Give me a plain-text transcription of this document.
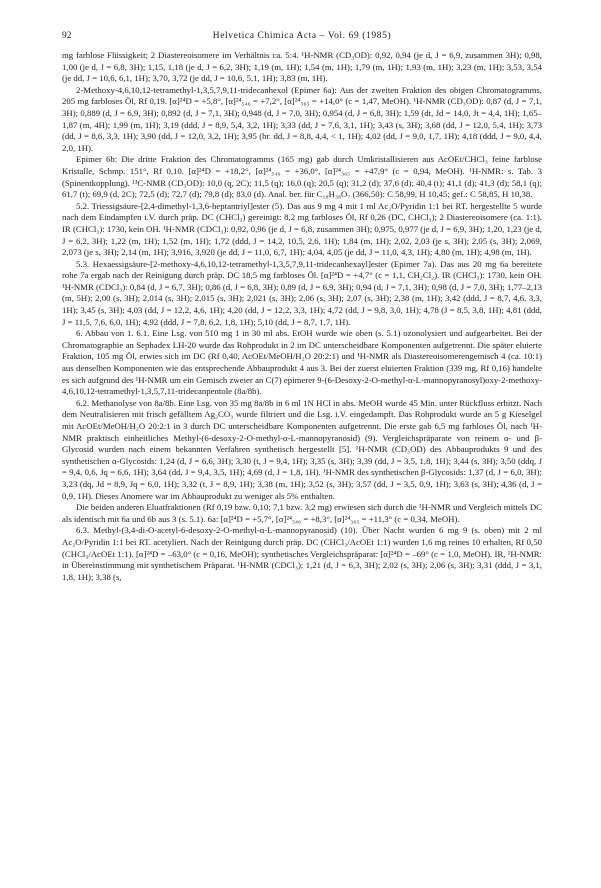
92	Helvetica Chimica Acta – Vol. 69 (1985)

mg farblose Flüssigkeit; 2 Diastereoisomere im Verhältnis ca. 5:4. ¹H-NMR (CD₃OD): 0,92, 0,94 (je d, J = 6,9, zusammen 3H); 0,98, 1,00 (je d, J = 6,8, 3H); 1,15, 1,18 (je d, J = 6,2, 3H); 1,19 (m, 1H); 1,54 (m, 1H); 1,79 (m, 1H); 1,93 (m, 1H); 3,23 (m, 1H); 3,53, 3,54 (je dd, J = 10,6, 6,1, 1H); 3,70, 3,72 (je dd, J = 10,6, 5,1, 1H); 3,83 (m, 1H).

2-Methoxy-4,6,10,12-tetramethyl-1,3,5,7,9,11-tridecanhexol (Epimer 6a): Aus der zweiten Fraktion des obigen Chromatogramms, 205 mg farbloses Öl, Rf 0,19. [α]²⁴D = +5,8°, [α]²⁴₅₄₆ = +7,2°, [α]²⁴₃₆₅ = +14,0° (c = 1,47, MeOH). ¹H-NMR (CD₃OD): 0,87 (d, J = 7,1, 3H); 0,889 (d, J = 6,9, 3H); 0,892 (d, J = 7,1, 3H); 0,948 (d, J = 7,0, 3H); 0,954 (d, J = 6,8, 3H); 1,59 (dt, Jd = 14,0, Jt = 4,4, 1H); 1,65–1,87 (m, 4H); 1,99 (m, 1H); 3,19 (ddd, J = 8,9, 5,4, 3,2, 1H); 3,33 (dd, J = 7,6, 3,1, 1H); 3,43 (s, 3H); 3,68 (dd, J = 12,0, 5,4, 1H); 3,73 (dd, J = 8,6, 3,3, 1H); 3,90 (dd, J = 12,0, 3,2, 1H); 3,95 (br. dd, J = 8,8, 4,4, < 1, 1H); 4,02 (dd, J = 9,0, 1,7, 1H); 4,18 (ddd, J = 9,0, 4,4, 2,0, 1H).

Epimer 6b: Die dritte Fraktion des Chromatogramms (165 mg) gab durch Umkristallisieren aus AcOEt/CHCl₃ feine farblose Kristalle, Schmp. 151°, Rf 0,10. [α]²⁴D = +18,2°, [α]²⁴₅₄₆ = +36,0°, [α]²⁴₃₆₅ = +47,9° (c = 0,94, MeOH). ¹H-NMR: s. Tab. 3 (Spinentkopplung). ¹³C-NMR (CD₃OD): 10,0 (q, 2C); 11,5 (q); 16,0 (q); 20,5 (q); 31,2 (d); 37,6 (d); 40,4 (t); 41,1 (d); 41,3 (d); 58,1 (q); 61,7 (t); 69,9 (d, 2C); 72,5 (d); 72,7 (d); 79,8 (d); 83,0 (d). Anal. ber. für C₁₈H₃₈O₇ (366,50): C 58,99, H 10,45; gef.: C 58,85, H 10,38.

5.2. Triessigsäure-[2,4-dimethyl-1,3,6-heptantriyl]ester (5). Das aus 9 mg 4 mit 1 ml Ac₂O/Pyridin 1:1 bei RT. hergestellte 5 wurde nach dem Eindampfen i.V. durch präp. DC (CHCl₃) gereinigt: 8,2 mg farbloses Öl, Rf 0,26 (DC, CHCl₃); 2 Diastereoisomere (ca. 1:1). IR (CHCl₃): 1730, kein OH. ¹H-NMR (CDCl₃): 0,92, 0,96 (je d, J = 6,8, zusammen 3H); 0,975, 0,977 (je d, J = 6,9, 3H); 1,20, 1,23 (je d, J = 6,2, 3H); 1,22 (m, 1H); 1,52 (m, 1H); 1,72 (ddd, J = 14,2, 10,5, 2,6, 1H); 1,84 (m, 1H); 2,02, 2,03 (je s, 3H); 2,05 (s, 3H); 2,069, 2,073 (je s, 3H); 2,14 (m, 1H); 3,916, 3,920 (je dd, J = 11,0, 6,7, 1H); 4,04, 4,05 (je dd, J = 11,0, 4,3, 1H); 4,80 (m, 1H); 4,98 (m, 1H).

5.3. Hexaessigsäure-[2-methoxy-4,6,10,12-tetramethyl-1,3,5,7,9,11-tridecanhexayl]ester (Epimer 7a). Das aus 20 mg 6a bereitete rohe 7a ergab nach der Reinigung durch präp. DC 18,5 mg farbloses Öl. [α]²⁴D = +4,7° (c = 1,1, CH₂Cl₂). IR (CHCl₃): 1730, kein OH. ¹H-NMR (CDCl₃): 0,84 (d, J = 6,7, 3H); 0,86 (d, J = 6,8, 3H); 0,89 (d, J = 6,9, 3H); 0,94 (d, J = 7,1, 3H); 0,98 (d, J = 7,0, 3H); 1,77–2,13 (m, 5H); 2,00 (s, 3H); 2,014 (s, 3H); 2,015 (s, 3H); 2,021 (s, 3H); 2,06 (s, 3H); 2,07 (s, 3H); 2,38 (m, 1H); 3,42 (ddd, J = 8,7, 4,6, 3,3, 1H); 3,45 (s, 3H); 4,03 (dd, J = 12,2, 4,6, 1H); 4,20 (dd, J = 12,2, 3,3, 1H); 4,72 (dd, J = 9,8, 3,0, 1H); 4,78 (J = 8,5, 3,8, 1H); 4,81 (ddd, J = 11,5, 7,6, 6,0, 1H); 4,92 (ddd, J = 7,8, 6,2, 1,8, 1H); 5,10 (dd, J = 8,7, 1,7, 1H).

6. Abbau von 1. 6.1. Eine Lsg. von 510 mg 1 in 30 ml abs. EtOH wurde wie oben (s. 5.1) ozonolysiert und aufgearbeitet. Bei der Chromatographie an Sephadex LH-20 wurde das Rohprodukt in 2 im DC unterscheidbare Komponenten aufgetrennt. Die später eluierte Fraktion, 105 mg Öl, erwies sich im DC (Rf 0,40, AcOEt/MeOH/H₂O 20:2:1) und ¹H-NMR als Diastereoisomerengemisch 4 (ca. 10:1) aus denselben Komponenten wie das entsprechende Abbauprodukt 4 aus 3. Bei der zuerst eluierten Fraktion (339 mg, Rf 0,16) handelte es sich aufgrund des ¹H-NMR um ein Gemisch zweier an C(7) epimerer 9-(6-Desoxy-2-O-methyl-α-L-mannopyranosyl)oxy-2-methoxy-4,6,10,12-tetramethyl-1,3,5,7,11-tridecanpentole (8a/8b).

6.2. Methanolyse von 8a/8b. Eine Lsg. von 35 mg 8a/8b in 6 ml 1N HCl in abs. MeOH wurde 45 Min. unter Rückfluss erhitzt. Nach dem Neutralisieren mit frisch gefälltem Ag₂CO₃ wurde filtriert und die Lsg. i.V. eingedampft. Das Rohprodukt wurde an 5 g Kieselgel mit AcOEt/MeOH/H₂O 20:2:1 in 3 durch DC unterscheidbare Komponenten aufgetrennt. Die erste gab 6,5 mg farbloses Öl, nach ¹H-NMR praktisch einheitliches Methyl-(6-desoxy-2-O-methyl-α-L-mannopyranosid) (9). Vergleichspräparate von reinem α- und β-Glycosid wurden nach einem bekannten Verfahren synthetisch hergestellt [5]. ¹H-NMR (CD₃OD) des Abbauprodukts 9 und des synthetischen α-Glycosids: 1,24 (d, J = 6,6, 3H); 3,30 (t, J = 9,4, 1H); 3,35 (s, 3H); 3,39 (dd, J = 3,5, 1,8, 1H); 3,44 (s, 3H); 3,50 (ddq, J = 9,4, 0,6, Jq = 6,6, 1H); 3,64 (dd, J = 9,4, 3,5, 1H); 4,69 (d, J = 1,8, 1H). ¹H-NMR des synthetischen β-Glycosids: 1,37 (d, J = 6,0, 3H); 3,23 (dq, Jd = 8,9, Jq = 6,0, 1H); 3,32 (t, J = 8,9, 1H); 3,38 (m, 1H); 3,52 (s, 3H); 3,57 (dd, J = 3,5, 0,9, 1H); 3,63 (s, 3H); 4,36 (d, J = 0,9, 1H). Dieses Anomere war im Abbauprodukt zu weniger als 5% enthalten.

Die beiden anderen Eluatfraktionen (Rf 0,19 bzw. 0,10; 7,1 bzw. 3,2 mg) erwiesen sich durch die ¹H-NMR und Vergleich mittels DC als identisch mit 6a und 6b aus 3 (s. 5.1). 6a: [α]²⁴D = +5,7°, [α]²⁴₅₄₆ = +8,3°, [α]²⁴₃₆₅ = +11,3° (c = 0,34, MeOH).

6.3. Methyl-(3,4-di-O-acetyl-6-desoxy-2-O-methyl-α-L-mannopyranosid) (10). Über Nacht wurden 6 mg 9 (s. oben) mit 2 ml Ac₂O/Pyridin 1:1 bei RT. acetyliert. Nach der Reinigung durch präp. DC (CHCl₃/AcOEt 1:1) wurden 1,6 mg reines 10 erhalten, Rf 0,50 (CHCl₃/AcOEt 1:1). [α]²⁴D = –63,0° (c = 0,16, MeOH); synthetisches Vergleichspräparat: [α]²⁴D = –69° (c = 1,0, MeOH). IR, ¹H-NMR: in Übereinstimmung mit synthetischem Präparat. ¹H-NMR (CDCl₃): 1,21 (d, J = 6,3, 3H); 2,02 (s, 3H); 2,06 (s, 3H); 3,31 (ddd, J = 3,1, 1,8, 1H); 3,38 (s,
